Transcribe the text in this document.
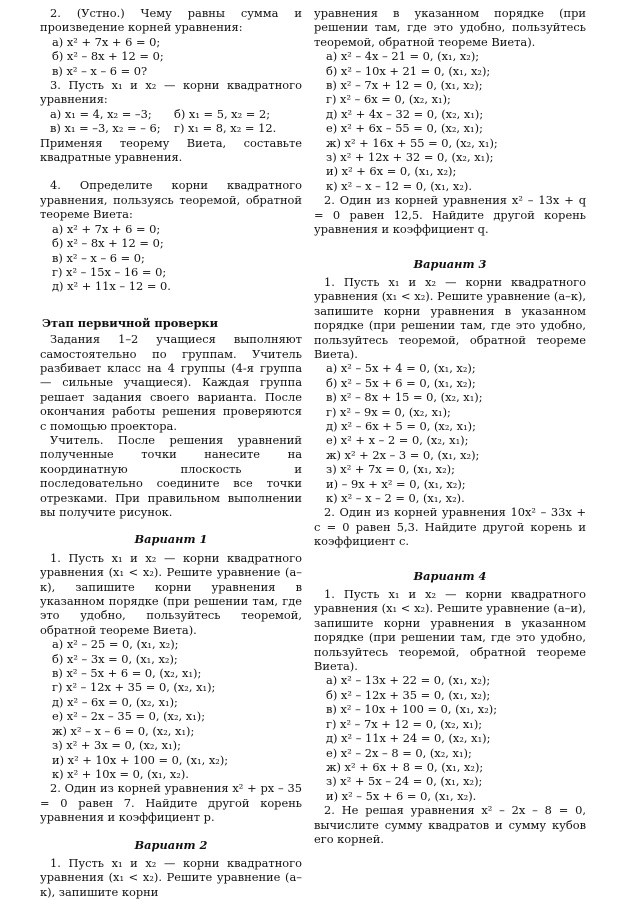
2. (Устно.) Чему равны сумма и произведение корней уравнения:

а) x² + 7x + 6 = 0;

б) x² – 8x + 12 = 0;

в) x² – x – 6 = 0?

3. Пусть x₁ и x₂ — корни квадратного уравнения:

а) x₁ = 4, x₂ = –3;	б) x₁ = 5, x₂ = 2;

в) x₁ = –3, x₂ = – 6;	г) x₁ = 8, x₂ = 12.

Применяя теорему Виета, составьте квадратные уравнения.

4. Определите корни квадратного уравнения, пользуясь теоремой, обратной теореме Виета:

а) x² + 7x + 6 = 0;

б) x² – 8x + 12 = 0;

в) x² – x – 6 = 0;

г) x² – 15x – 16 = 0;

д) x² + 11x – 12 = 0.

Этап первичной проверки

Задания 1–2 учащиеся выполняют самостоятельно по группам. Учитель разбивает класс на 4 группы (4-я группа — сильные учащиеся). Каждая группа решает задания своего варианта. После окончания работы решения проверяются с помощью проектора.

Учитель. После решения уравнений полученные точки нанесите на координатную плоскость и последовательно соедините все точки отрезками. При правильном выполнении вы получите рисунок.

Вариант 1

1. Пусть x₁ и x₂ — корни квадратного уравнения (x₁ < x₂). Решите уравнение (а–к), запишите корни уравнения в указанном порядке (при решении там, где это удобно, пользуйтесь теоремой, обратной теореме Виета).

а) x² – 25 = 0, (x₁, x₂);

б) x² – 3x = 0, (x₁, x₂);

в) x² – 5x + 6 = 0, (x₂, x₁);

г) x² – 12x + 35 = 0, (x₂, x₁);

д) x² – 6x = 0, (x₂, x₁);

е) x² – 2x – 35 = 0, (x₂, x₁);

ж) x² – x – 6 = 0, (x₂, x₁);

з) x² + 3x = 0, (x₂, x₁);

и) x² + 10x + 100 = 0, (x₁, x₂);

к) x² + 10x = 0, (x₁, x₂).

2. Один из корней уравнения x² + px – 35 = 0 равен 7. Найдите другой корень уравнения и коэффициент p.

Вариант 2

1. Пусть x₁ и x₂ — корни квадратного уравнения (x₁ < x₂). Решите уравнение (а–к), запишите корни

уравнения в указанном порядке (при решении там, где это удобно, пользуйтесь теоремой, обратной теореме Виета).

а) x² – 4x – 21 = 0, (x₁, x₂);

б) x² – 10x + 21 = 0, (x₁, x₂);

в) x² – 7x + 12 = 0, (x₁, x₂);

г) x² – 6x = 0, (x₂, x₁);

д) x² + 4x – 32 = 0, (x₂, x₁);

е) x² + 6x – 55 = 0, (x₂, x₁);

ж) x² + 16x + 55 = 0, (x₂, x₁);

з) x² + 12x + 32 = 0, (x₂, x₁);

и) x² + 6x = 0, (x₁, x₂);

к) x² – x – 12 = 0, (x₁, x₂).

2. Один из корней уравнения x² – 13x + q = 0 равен 12,5. Найдите другой корень уравнения и коэффициент q.

Вариант 3

1. Пусть x₁ и x₂ — корни квадратного уравнения (x₁ < x₂). Решите уравнение (а–к), запишите корни уравнения в указанном порядке (при решении там, где это удобно, пользуйтесь теоремой, обратной теореме Виета).

а) x² – 5x + 4 = 0, (x₁, x₂);

б) x² – 5x + 6 = 0, (x₁, x₂);

в) x² – 8x + 15 = 0, (x₂, x₁);

г) x² – 9x = 0, (x₂, x₁);

д) x² – 6x + 5 = 0, (x₂, x₁);

е) x² + x – 2 = 0, (x₂, x₁);

ж) x² + 2x – 3 = 0, (x₁, x₂);

з) x² + 7x = 0, (x₁, x₂);

и) – 9x + x² = 0, (x₁, x₂);

к) x² – x – 2 = 0, (x₁, x₂).

2. Один из корней уравнения 10x² – 33x + c = 0 равен 5,3. Найдите другой корень и коэффициент c.

Вариант 4

1. Пусть x₁ и x₂ — корни квадратного уравнения (x₁ < x₂). Решите уравнение (а–и), запишите корни уравнения в указанном порядке (при решении там, где это удобно, пользуйтесь теоремой, обратной теореме Виета).

а) x² – 13x + 22 = 0, (x₁, x₂);

б) x² – 12x + 35 = 0, (x₁, x₂);

в) x² – 10x + 100 = 0, (x₁, x₂);

г) x² – 7x + 12 = 0, (x₂, x₁);

д) x² – 11x + 24 = 0, (x₂, x₁);

е) x² – 2x – 8 = 0, (x₂, x₁);

ж) x² + 6x + 8 = 0, (x₁, x₂);

з) x² + 5x – 24 = 0, (x₁, x₂);

и) x² – 5x + 6 = 0, (x₁, x₂).

2. Не решая уравнения x² – 2x – 8 = 0, вычислите сумму квадратов и сумму кубов его корней.
